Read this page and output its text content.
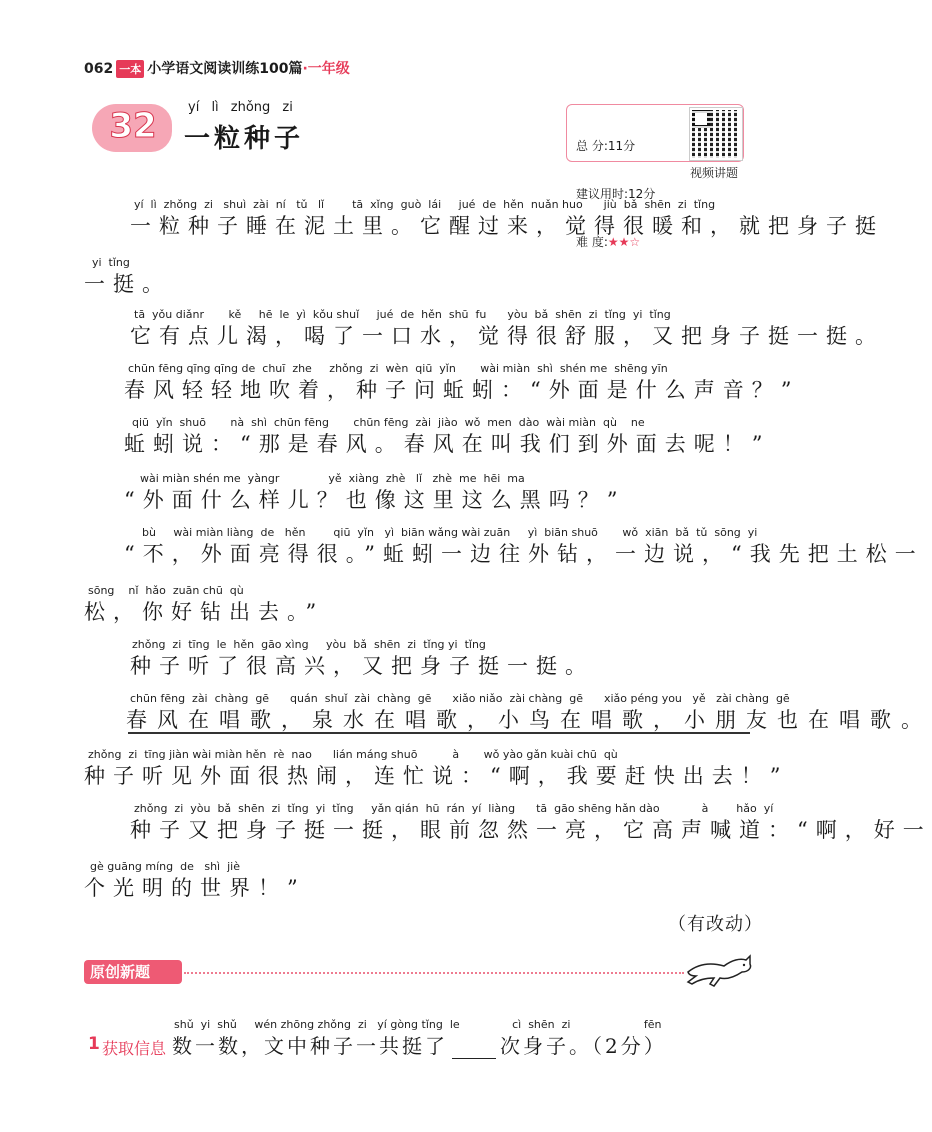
062 一本 小学语文阅读训练100篇·一年级
32	yí lì zhǒng zi
一粒种子

	总 分:11分

建议用时:12分

难 度:★★☆

视频讲题
yí  lì  zhǒng  zi   shuì  zài  ní   tǔ   lǐ        tā  xǐng  guò  lái     jué  de  hěn  nuǎn huo      jiù  bǎ  shēn  zi  tǐng
一粒种子睡在泥土里。它醒过来，觉得很暖和，就把身子挺
yi  tǐng
一挺。
tā  yǒu diǎnr       kě     hē  le  yì  kǒu shuǐ     jué  de  hěn  shū  fu      yòu  bǎ  shēn  zi  tǐng  yi  tǐng
它有点儿渴，喝了一口水，觉得很舒服，又把身子挺一挺。
chūn fēng qīng qīng de  chuī  zhe     zhǒng  zi  wèn  qiū  yǐn       wài miàn  shì  shén me  shēng yīn
春风轻轻地吹着，种子问蚯蚓：“外面是什么声音？”
qiū  yǐn  shuō       nà  shì  chūn fēng       chūn fēng  zài  jiào  wǒ  men  dào  wài miàn  qù    ne
蚯蚓说：“那是春风。春风在叫我们到外面去呢！”
wài miàn shén me  yàngr              yě  xiàng  zhè   lǐ   zhè  me  hēi  ma
“外面什么样儿？也像这里这么黑吗？”
bù     wài miàn liàng  de   hěn        qiū  yǐn   yì  biān wǎng wài zuān     yì  biān shuō       wǒ  xiān  bǎ  tǔ  sōng  yi
“不，外面亮得很。”蚯蚓一边往外钻，一边说，“我先把土松一
sōng    nǐ  hǎo  zuān chū  qù
松，你好钻出去。”
zhǒng  zi  tīng  le  hěn  gāo xìng     yòu  bǎ  shēn  zi  tǐng yi  tǐng
种子听了很高兴，又把身子挺一挺。
chūn fēng  zài  chàng  gē      quán  shuǐ  zài  chàng  gē      xiǎo niǎo  zài chàng  gē      xiǎo péng you   yě   zài chàng  gē
春风在唱歌，泉水在唱歌，小鸟在唱歌，小朋友也在唱歌。
zhǒng  zi  tīng jiàn wài miàn hěn  rè  nao      lián máng shuō          à       wǒ yào gǎn kuài chū  qù
种子听见外面很热闹，连忙说：“啊，我要赶快出去！”
zhǒng  zi  yòu  bǎ  shēn  zi  tǐng  yi  tǐng     yǎn qián  hū  rán  yí  liàng      tā  gāo shēng hǎn dào            à        hǎo  yí
种子又把身子挺一挺，眼前忽然一亮，它高声喊道：“啊，好一
gè guāng míng  de   shì  jiè
个光明的世界！”
（有改动）
原创新题
shǔ  yi  shǔ     wén zhōng zhǒng  zi   yí gòng tǐng  le               cì  shēn  zi                     fēn
1 获取信息 数一数，文中种子一共挺了	次身子。（2分）
